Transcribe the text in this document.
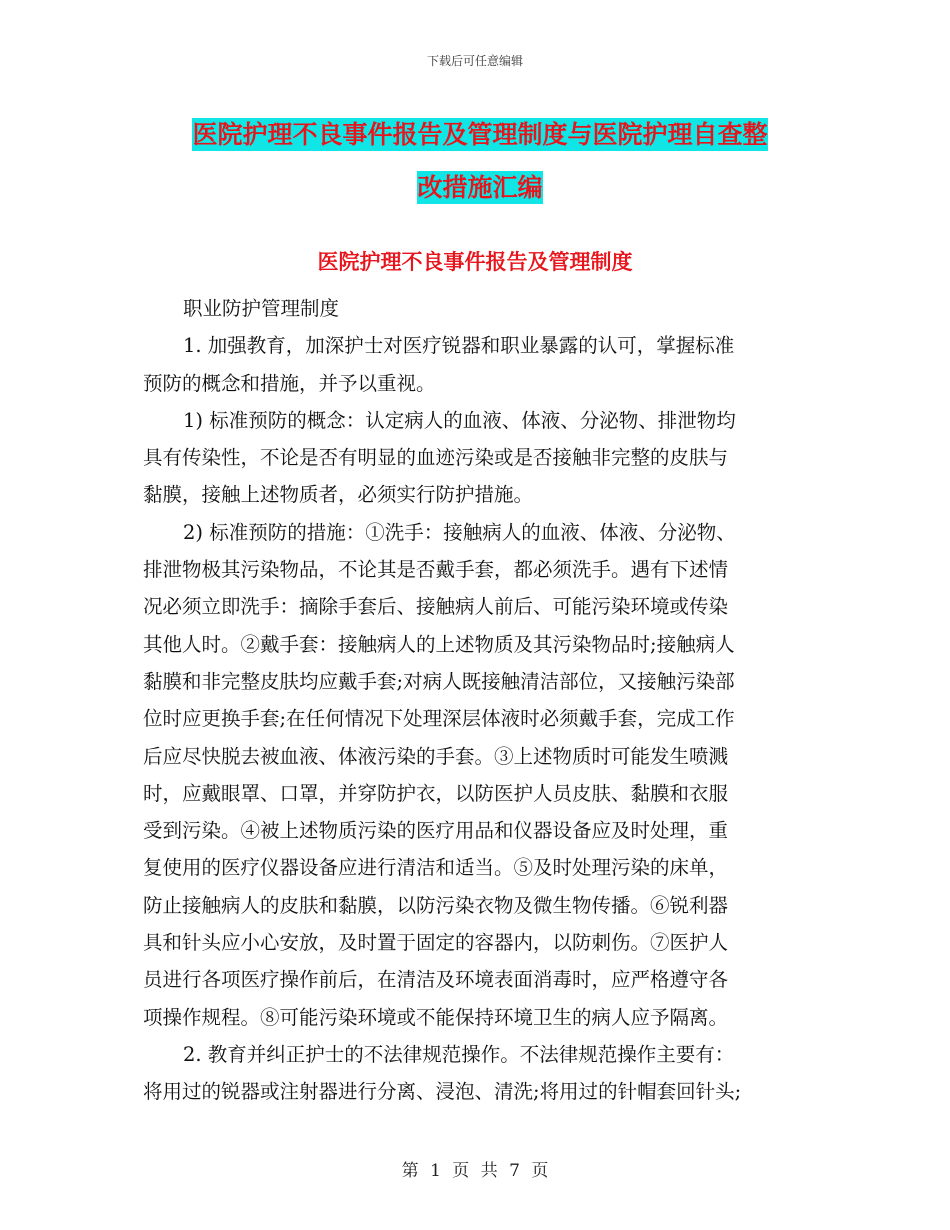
下载后可任意编辑
医院护理不良事件报告及管理制度与医院护理自查整
改措施汇编
医院护理不良事件报告及管理制度
职业防护管理制度
1. 加强教育，加深护士对医疗锐器和职业暴露的认可，掌握标准
预防的概念和措施，并予以重视。
1) 标准预防的概念：认定病人的血液、体液、分泌物、排泄物均
具有传染性，不论是否有明显的血迹污染或是否接触非完整的皮肤与
黏膜，接触上述物质者，必须实行防护措施。
2) 标准预防的措施：①洗手：接触病人的血液、体液、分泌物、
排泄物极其污染物品，不论其是否戴手套，都必须洗手。遇有下述情
况必须立即洗手：摘除手套后、接触病人前后、可能污染环境或传染
其他人时。②戴手套：接触病人的上述物质及其污染物品时;接触病人
黏膜和非完整皮肤均应戴手套;对病人既接触清洁部位，又接触污染部
位时应更换手套;在任何情况下处理深层体液时必须戴手套，完成工作
后应尽快脱去被血液、体液污染的手套。③上述物质时可能发生喷溅
时，应戴眼罩、口罩，并穿防护衣，以防医护人员皮肤、黏膜和衣服
受到污染。④被上述物质污染的医疗用品和仪器设备应及时处理，重
复使用的医疗仪器设备应进行清洁和适当。⑤及时处理污染的床单，
防止接触病人的皮肤和黏膜，以防污染衣物及微生物传播。⑥锐利器
具和针头应小心安放，及时置于固定的容器内，以防刺伤。⑦医护人
员进行各项医疗操作前后，在清洁及环境表面消毒时，应严格遵守各
项操作规程。⑧可能污染环境或不能保持环境卫生的病人应予隔离。
2. 教育并纠正护士的不法律规范操作。不法律规范操作主要有：
将用过的锐器或注射器进行分离、浸泡、清洗;将用过的针帽套回针头;
第 1 页 共 7 页
